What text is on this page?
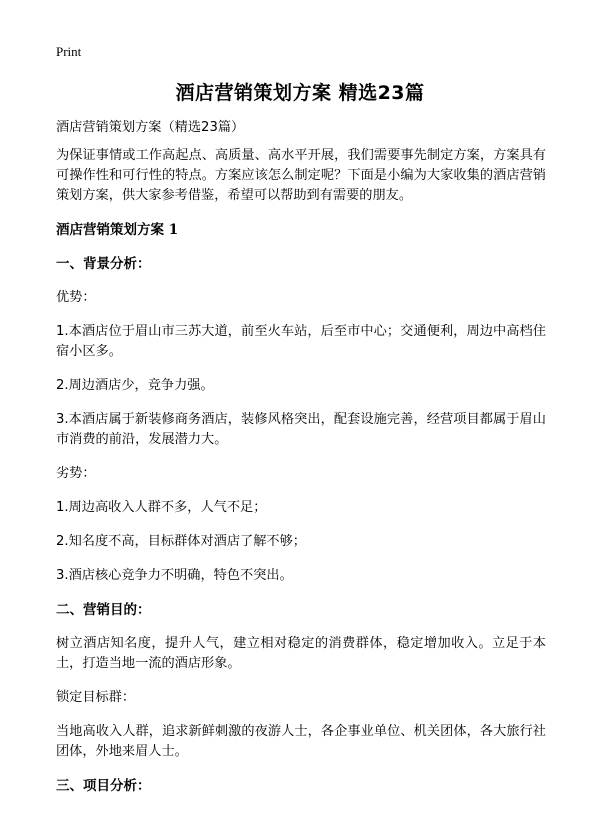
Print
酒店营销策划方案 精选23篇

酒店营销策划方案（精选23篇）

为保证事情或工作高起点、高质量、高水平开展，我们需要事先制定方案，方案具有可操作性和可行性的特点。方案应该怎么制定呢？下面是小编为大家收集的酒店营销策划方案，供大家参考借鉴，希望可以帮助到有需要的朋友。

酒店营销策划方案 1

一、背景分析：

优势：

1.本酒店位于眉山市三苏大道，前至火车站，后至市中心；交通便利，周边中高档住宿小区多。

2.周边酒店少，竞争力强。

3.本酒店属于新装修商务酒店，装修风格突出，配套设施完善，经营项目都属于眉山市消费的前沿，发展潜力大。

劣势：

1.周边高收入人群不多，人气不足；

2.知名度不高，目标群体对酒店了解不够；

3.酒店核心竞争力不明确，特色不突出。

二、营销目的：

树立酒店知名度，提升人气，建立相对稳定的消费群体，稳定增加收入。立足于本土，打造当地一流的酒店形象。

锁定目标群：

当地高收入人群，追求新鲜刺激的夜游人士，各企事业单位、机关团体，各大旅行社团体，外地来眉人士。

三、项目分析：
